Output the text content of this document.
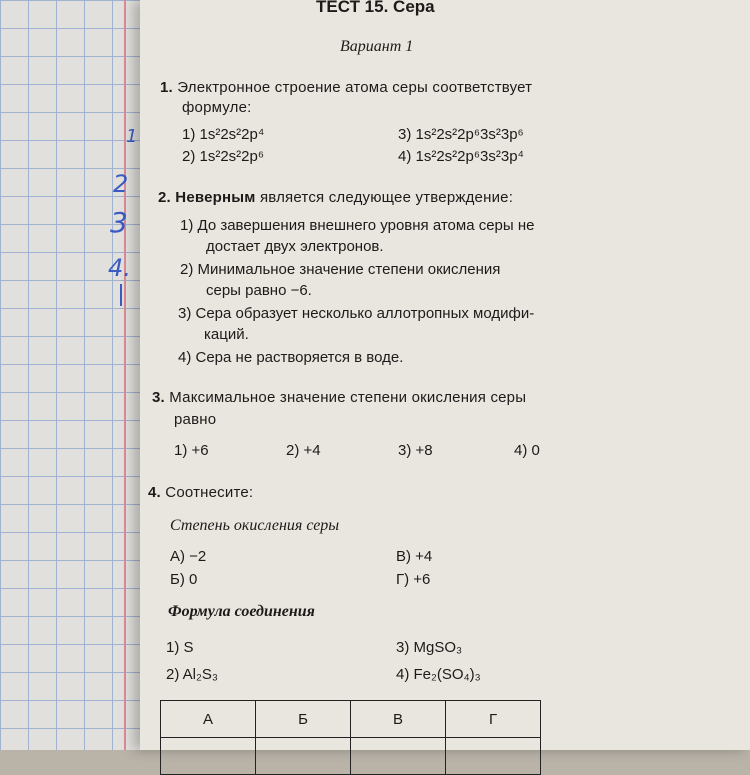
1
2
3
4.
ТЕСТ 15. Сера
Вариант 1
1. Электронное строение атома серы соответствует
формуле:
1) 1s²2s²2p⁴
2) 1s²2s²2p⁶
3) 1s²2s²2p⁶3s²3p⁶
4) 1s²2s²2p⁶3s²3p⁴
2. Неверным является следующее утверждение:
1) До завершения внешнего уровня атома серы не
достает двух электронов.
2) Минимальное значение степени окисления
серы равно −6.
3) Сера образует несколько аллотропных модифи-
каций.
4) Сера не растворяется в воде.
3. Максимальное значение степени окисления серы
равно
1) +6	2) +4	3) +8	4) 0
4. Соотнесите:
Степень окисления серы
А) −2
Б) 0
В) +4
Г) +6
Формула соединения
1) S
2) Al₂S₃
3) MgSO₃
4) Fe₂(SO₄)₃
А	Б	В	Г
